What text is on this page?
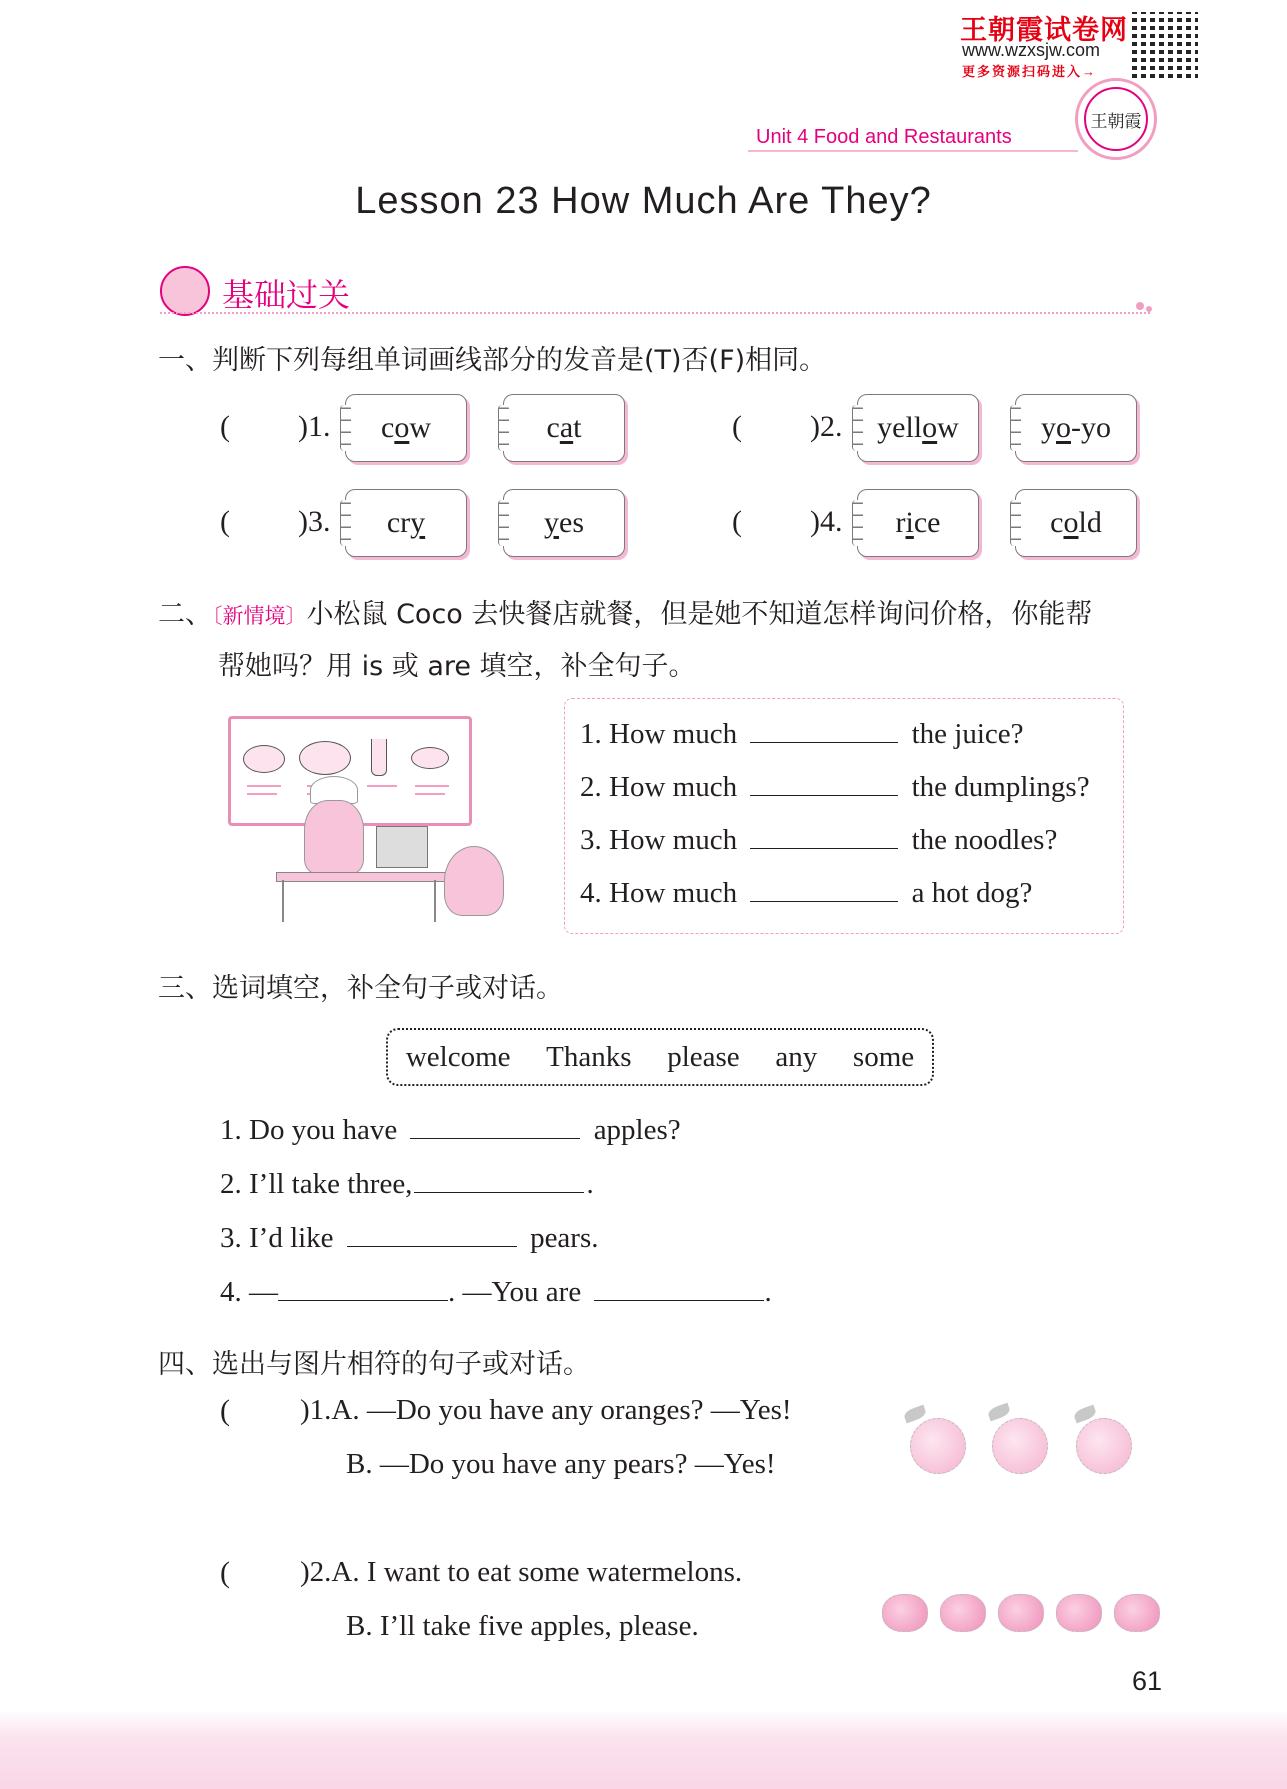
王朝霞试卷网
www.wzxsjw.com
更多资源扫码进入→
王朝霞
Unit 4 Food and Restaurants
Lesson 23 How Much Are They?
基础过关
一、判断下列每组单词画线部分的发音是(T)否(F)相同。
( )1. c o w	c a t	( )2. yell o w	y o -yo
( )3. cr y	y es	( )4. r i ce	c o ld
二、〔新情境〕小松鼠 Coco 去快餐店就餐，但是她不知道怎样询问价格，你能帮
帮她吗？用 is 或 are 填空，补全句子。
1. How much	the juice?
2. How much	the dumplings?
3. How much	the noodles?
4. How much	a hot dog?
三、选词填空，补全句子或对话。
welcome Thanks please any some
1. Do you have	apples?
2. I’ll take three,	.
3. I’d like	pears.
4. —	. —You are	.
四、选出与图片相符的句子或对话。
( )1.A. —Do you have any oranges? —Yes!
B. —Do you have any pears? —Yes!
( )2.A. I want to eat some watermelons.
B. I’ll take five apples, please.
61
